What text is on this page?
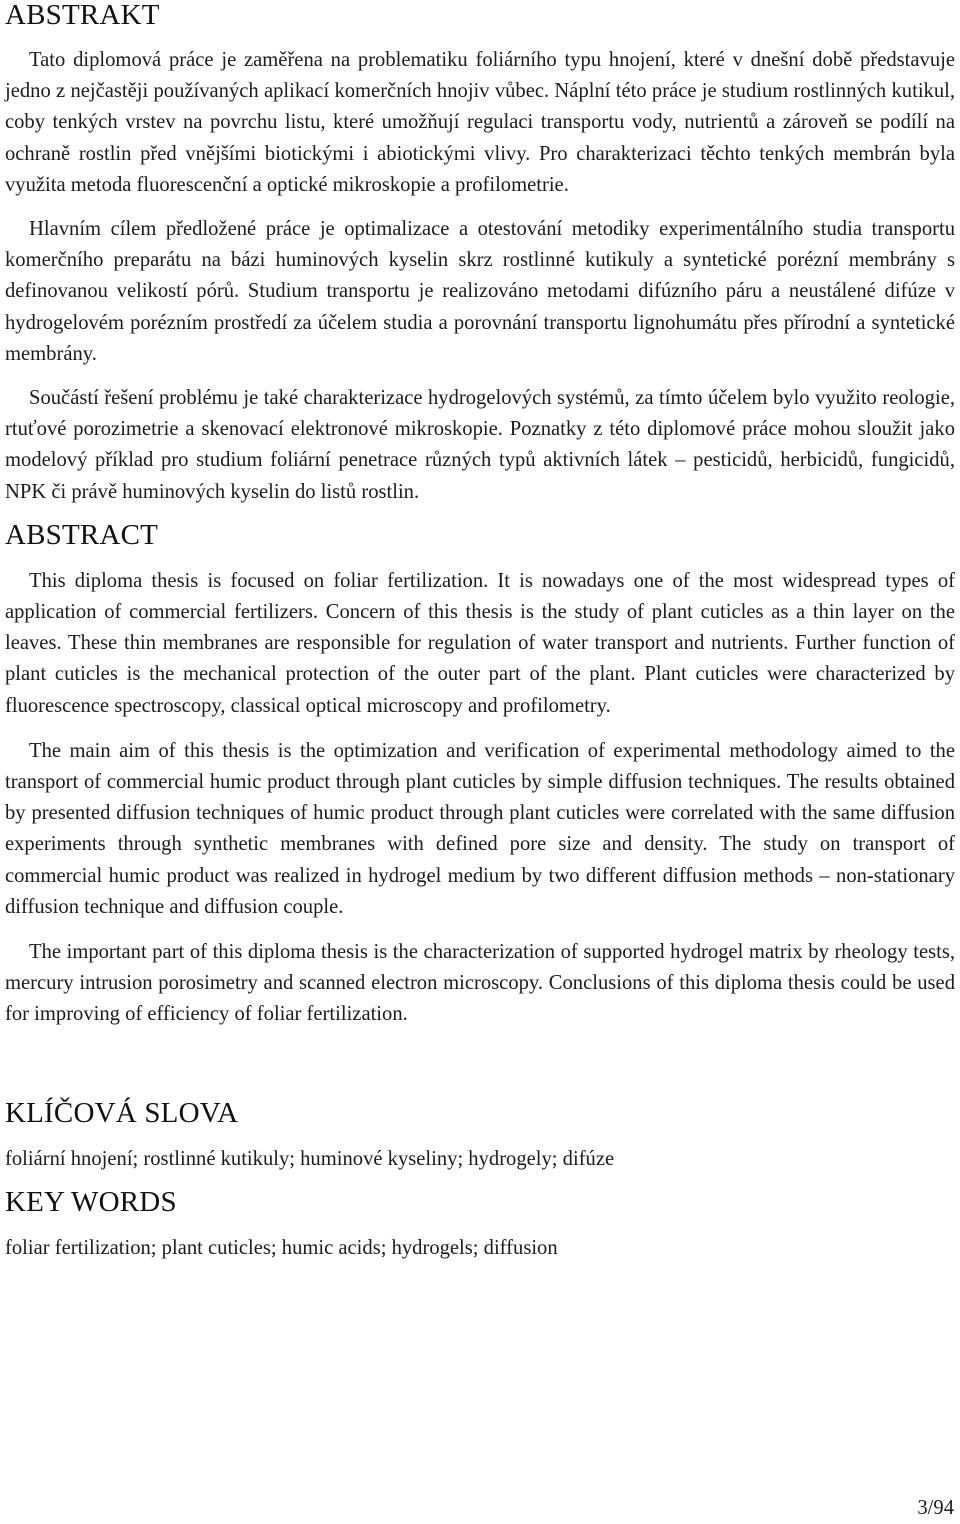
ABSTRAKT

Tato diplomová práce je zaměřena na problematiku foliárního typu hnojení, které v dnešní době představuje jedno z nejčastěji používaných aplikací komerčních hnojiv vůbec. Náplní této práce je studium rostlinných kutikul, coby tenkých vrstev na povrchu listu, které umožňují regulaci transportu vody, nutrientů a zároveň se podílí na ochraně rostlin před vnějšími biotickými i abiotickými vlivy. Pro charakterizaci těchto tenkých membrán byla využita metoda fluorescenční a optické mikroskopie a profilometrie.

Hlavním cílem předložené práce je optimalizace a otestování metodiky experimentálního studia transportu komerčního preparátu na bázi huminových kyselin skrz rostlinné kutikuly a syntetické porézní membrány s definovanou velikostí pórů. Studium transportu je realizováno metodami difúzního páru a neustálené difúze v hydrogelovém porézním prostředí za účelem studia a porovnání transportu lignohumátu přes přírodní a syntetické membrány.

Součástí řešení problému je také charakterizace hydrogelových systémů, za tímto účelem bylo využito reologie, rtuťové porozimetrie a skenovací elektronové mikroskopie. Poznatky z této diplomové práce mohou sloužit jako modelový příklad pro studium foliární penetrace různých typů aktivních látek – pesticidů, herbicidů, fungicidů, NPK či právě huminových kyselin do listů rostlin.

ABSTRACT

This diploma thesis is focused on foliar fertilization. It is nowadays one of the most widespread types of application of commercial fertilizers. Concern of this thesis is the study of plant cuticles as a thin layer on the leaves. These thin membranes are responsible for regulation of water transport and nutrients. Further function of plant cuticles is the mechanical protection of the outer part of the plant. Plant cuticles were characterized by fluorescence spectroscopy, classical optical microscopy and profilometry.

The main aim of this thesis is the optimization and verification of experimental methodology aimed to the transport of commercial humic product through plant cuticles by simple diffusion techniques. The results obtained by presented diffusion techniques of humic product through plant cuticles were correlated with the same diffusion experiments through synthetic membranes with defined pore size and density. The study on transport of commercial humic product was realized in hydrogel medium by two different diffusion methods – non-stationary diffusion technique and diffusion couple.

The important part of this diploma thesis is the characterization of supported hydrogel matrix by rheology tests, mercury intrusion porosimetry and scanned electron microscopy. Conclusions of this diploma thesis could be used for improving of efficiency of foliar fertilization.

KLÍČOVÁ SLOVA

foliární hnojení; rostlinné kutikuly; huminové kyseliny; hydrogely; difúze

KEY WORDS

foliar fertilization; plant cuticles; humic acids; hydrogels; diffusion

3/94
